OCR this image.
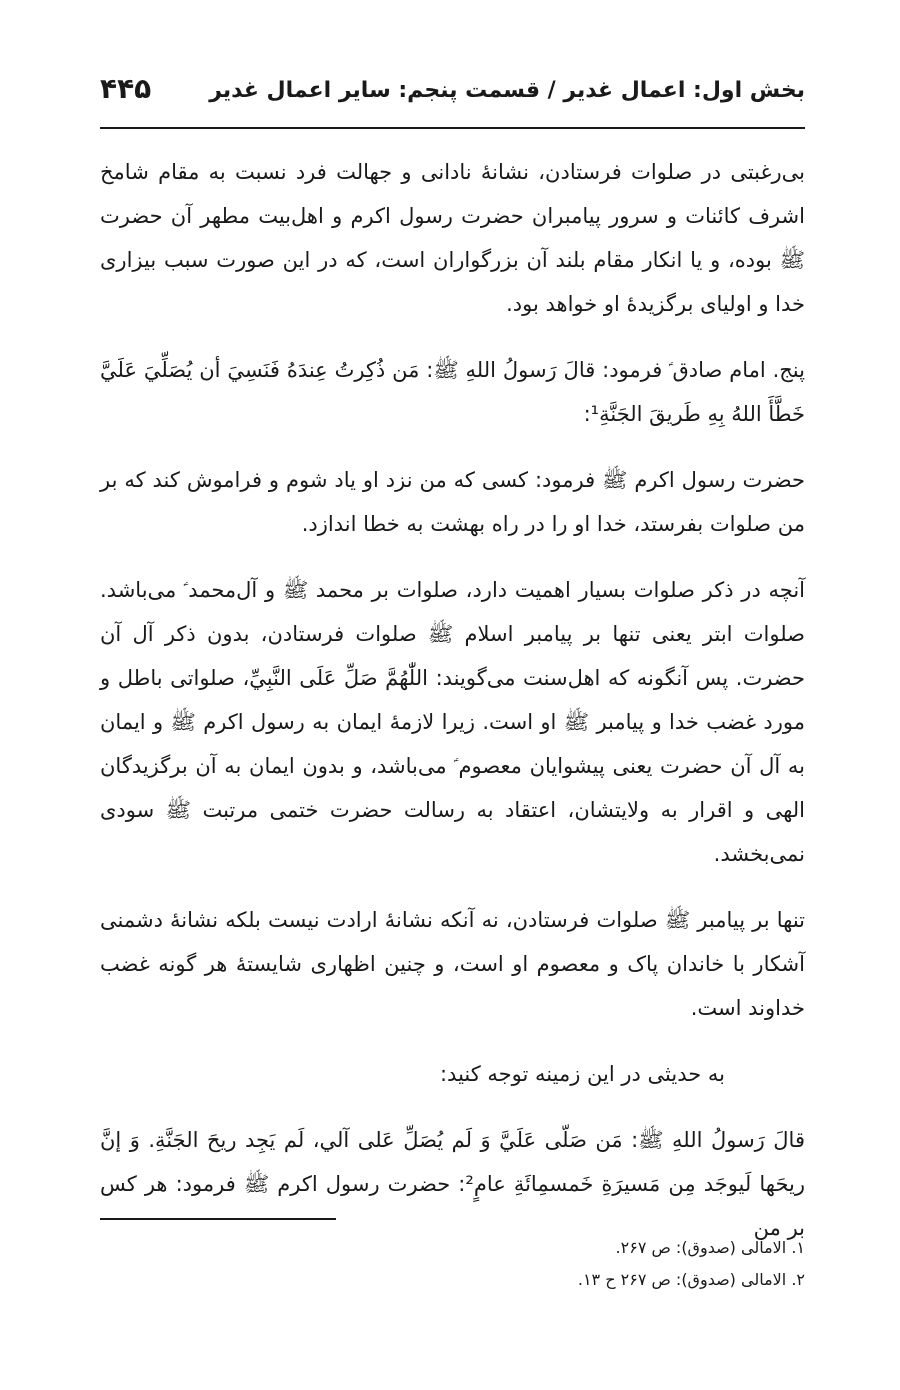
بخش اول: اعمال غدیر / قسمت پنجم: سایر اعمال غدیر
۴۴۵

بی‌رغبتی در صلوات فرستادن، نشانهٔ نادانی و جهالت فرد نسبت به مقام شامخ اشرف کائنات و سرور پیامبران حضرت رسول اکرم و اهل‌بیت مطهر آن حضرت ﷺ بوده، و یا انکار مقام بلند آن بزرگواران است، که در این صورت سبب بیزاری خدا و اولیای برگزیدهٔ او خواهد بود.

پنج. امام صادق ؑ فرمود: قالَ رَسولُ اللهِ ﷺ: مَن ذُكِرتُ عِندَهُ فَنَسِيَ أن يُصَلِّيَ عَلَيَّ خَطَّأَ اللهُ بِهِ طَريقَ الجَنَّةِ¹:

حضرت رسول اکرم ﷺ فرمود: کسی که من نزد او یاد شوم و فراموش کند که بر من صلوات بفرستد، خدا او را در راه بهشت به خطا اندازد.

آنچه در ذکر صلوات بسیار اهمیت دارد، صلوات بر محمد ﷺ و آل‌محمد ؑ می‌باشد. صلوات ابتر یعنی تنها بر پیامبر اسلام ﷺ صلوات فرستادن، بدون ذکر آل آن حضرت. پس آنگونه که اهل‌سنت می‌گویند: اللّٰهُمَّ صَلِّ عَلَى النَّبِيِّ، صلواتی باطل و مورد غضب خدا و پیامبر ﷺ او است. زیرا لازمهٔ ایمان به رسول اکرم ﷺ و ایمان به آل آن حضرت یعنی پیشوایان معصوم ؑ می‌باشد، و بدون ایمان به آن برگزیدگان الهی و اقرار به ولایتشان، اعتقاد به رسالت حضرت ختمی مرتبت ﷺ سودی نمی‌بخشد.

تنها بر پیامبر ﷺ صلوات فرستادن، نه آنکه نشانهٔ ارادت نیست بلکه نشانهٔ دشمنی آشکار با خاندان پاک و معصوم او است، و چنین اظهاری شایستهٔ هر گونه غضب خداوند است.

به حدیثی در این زمینه توجه کنید:

قالَ رَسولُ اللهِ ﷺ: مَن صَلّى عَلَيَّ وَ لَم يُصَلِّ عَلى آلي، لَم يَجِد ريحَ الجَنَّةِ. وَ إنَّ ريحَها لَيوجَد مِن مَسيرَةِ خَمسمِائَةِ عامٍ²: حضرت رسول اکرم ﷺ فرمود: هر کس بر من

۱. الامالی (صدوق): ص ۲۶۷.

۲. الامالی (صدوق): ص ۲۶۷ ح ۱۳.
